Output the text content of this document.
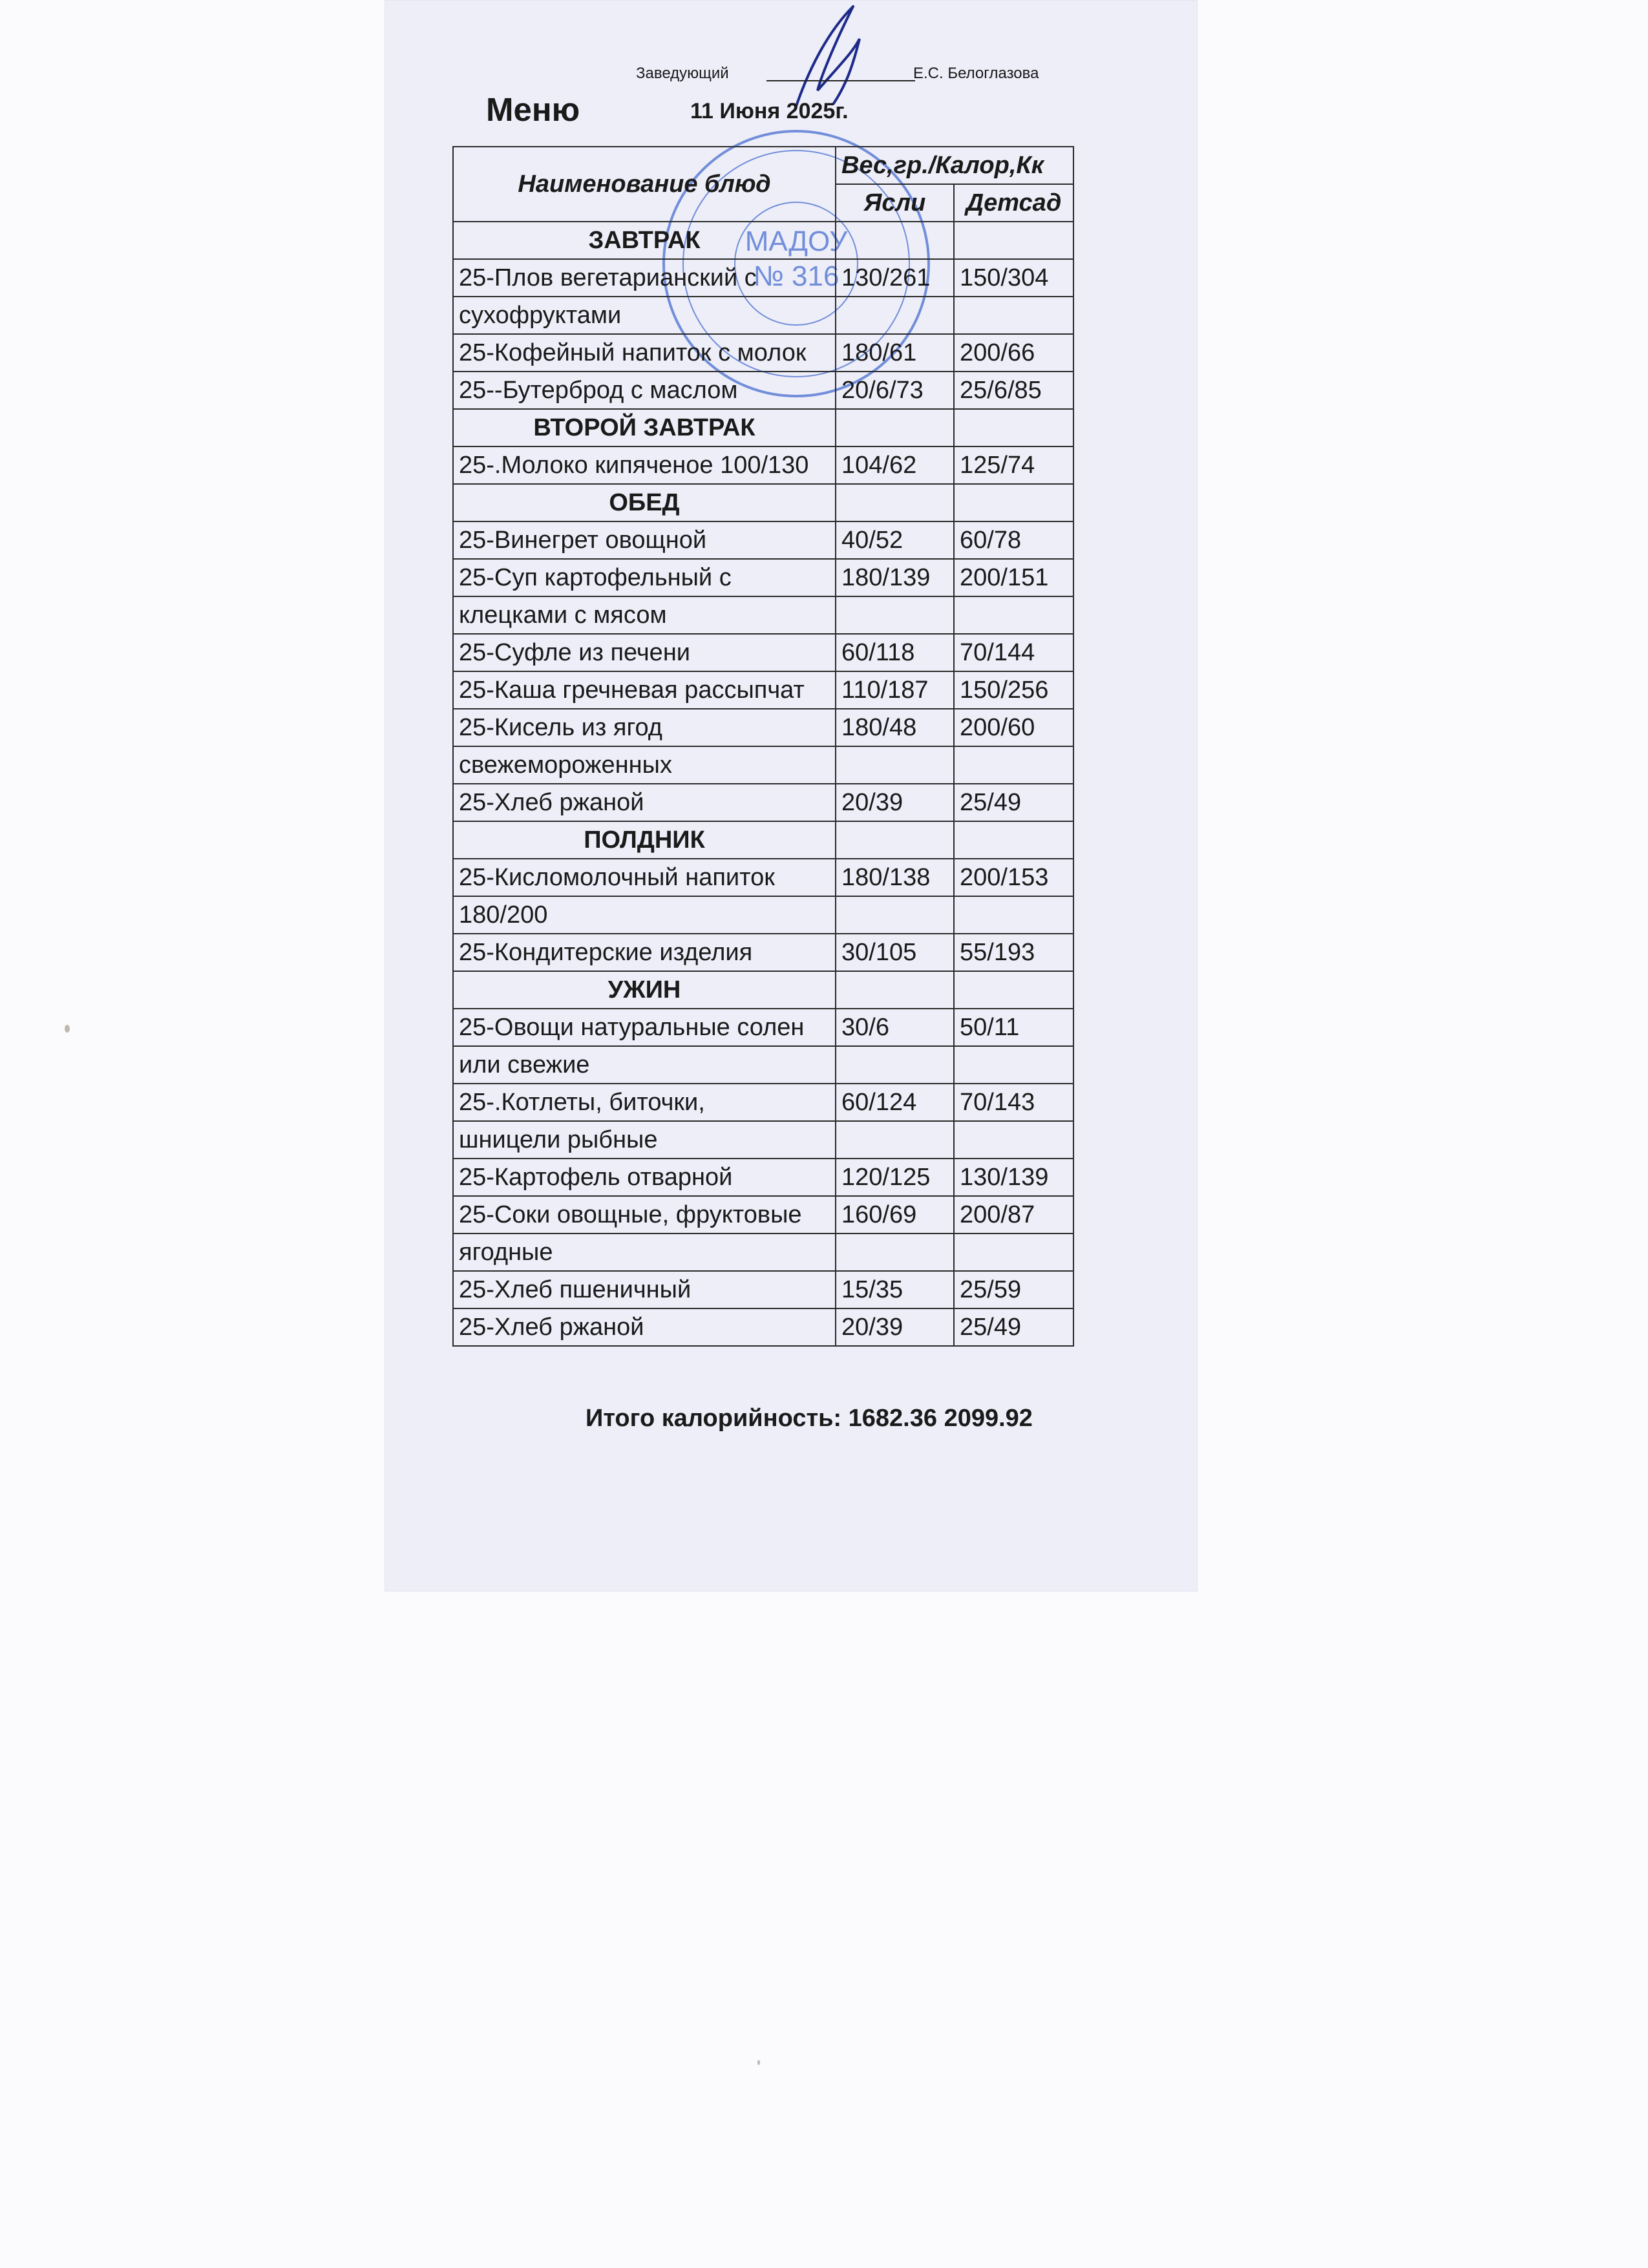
Заведующий	Е.С. Белоглазова
Меню	11 Июня 2025г.
МАДОУ
№ 316
Наименование блюд	Вес,гр./Калор,Кк	
	Ясли	Детсад
ЗАВТРАК		
25-Плов вегетарианский с	130/261	150/304
сухофруктами		
25-Кофейный напиток с молок	180/61	200/66
25--Бутерброд с маслом	20/6/73	25/6/85
ВТОРОЙ ЗАВТРАК		
25-.Молоко кипяченое 100/130	104/62	125/74
ОБЕД		
25-Винегрет овощной	40/52	60/78
25-Суп картофельный с	180/139	200/151
клецками с мясом		
25-Суфле из печени	60/118	70/144
25-Каша гречневая рассыпчат	110/187	150/256
25-Кисель из ягод	180/48	200/60
свежемороженных		
25-Хлеб ржаной	20/39	25/49
ПОЛДНИК		
25-Кисломолочный напиток	180/138	200/153
180/200		
25-Кондитерские изделия	30/105	55/193
УЖИН		
25-Овощи натуральные солен	30/6	50/11
или свежие		
25-.Котлеты, биточки,	60/124	70/143
шницели рыбные		
25-Картофель отварной	120/125	130/139
25-Соки овощные, фруктовые	160/69	200/87
ягодные		
25-Хлеб пшеничный	15/35	25/59
25-Хлеб ржаной	20/39	25/49
Итого калорийность: 1682.36 2099.92
